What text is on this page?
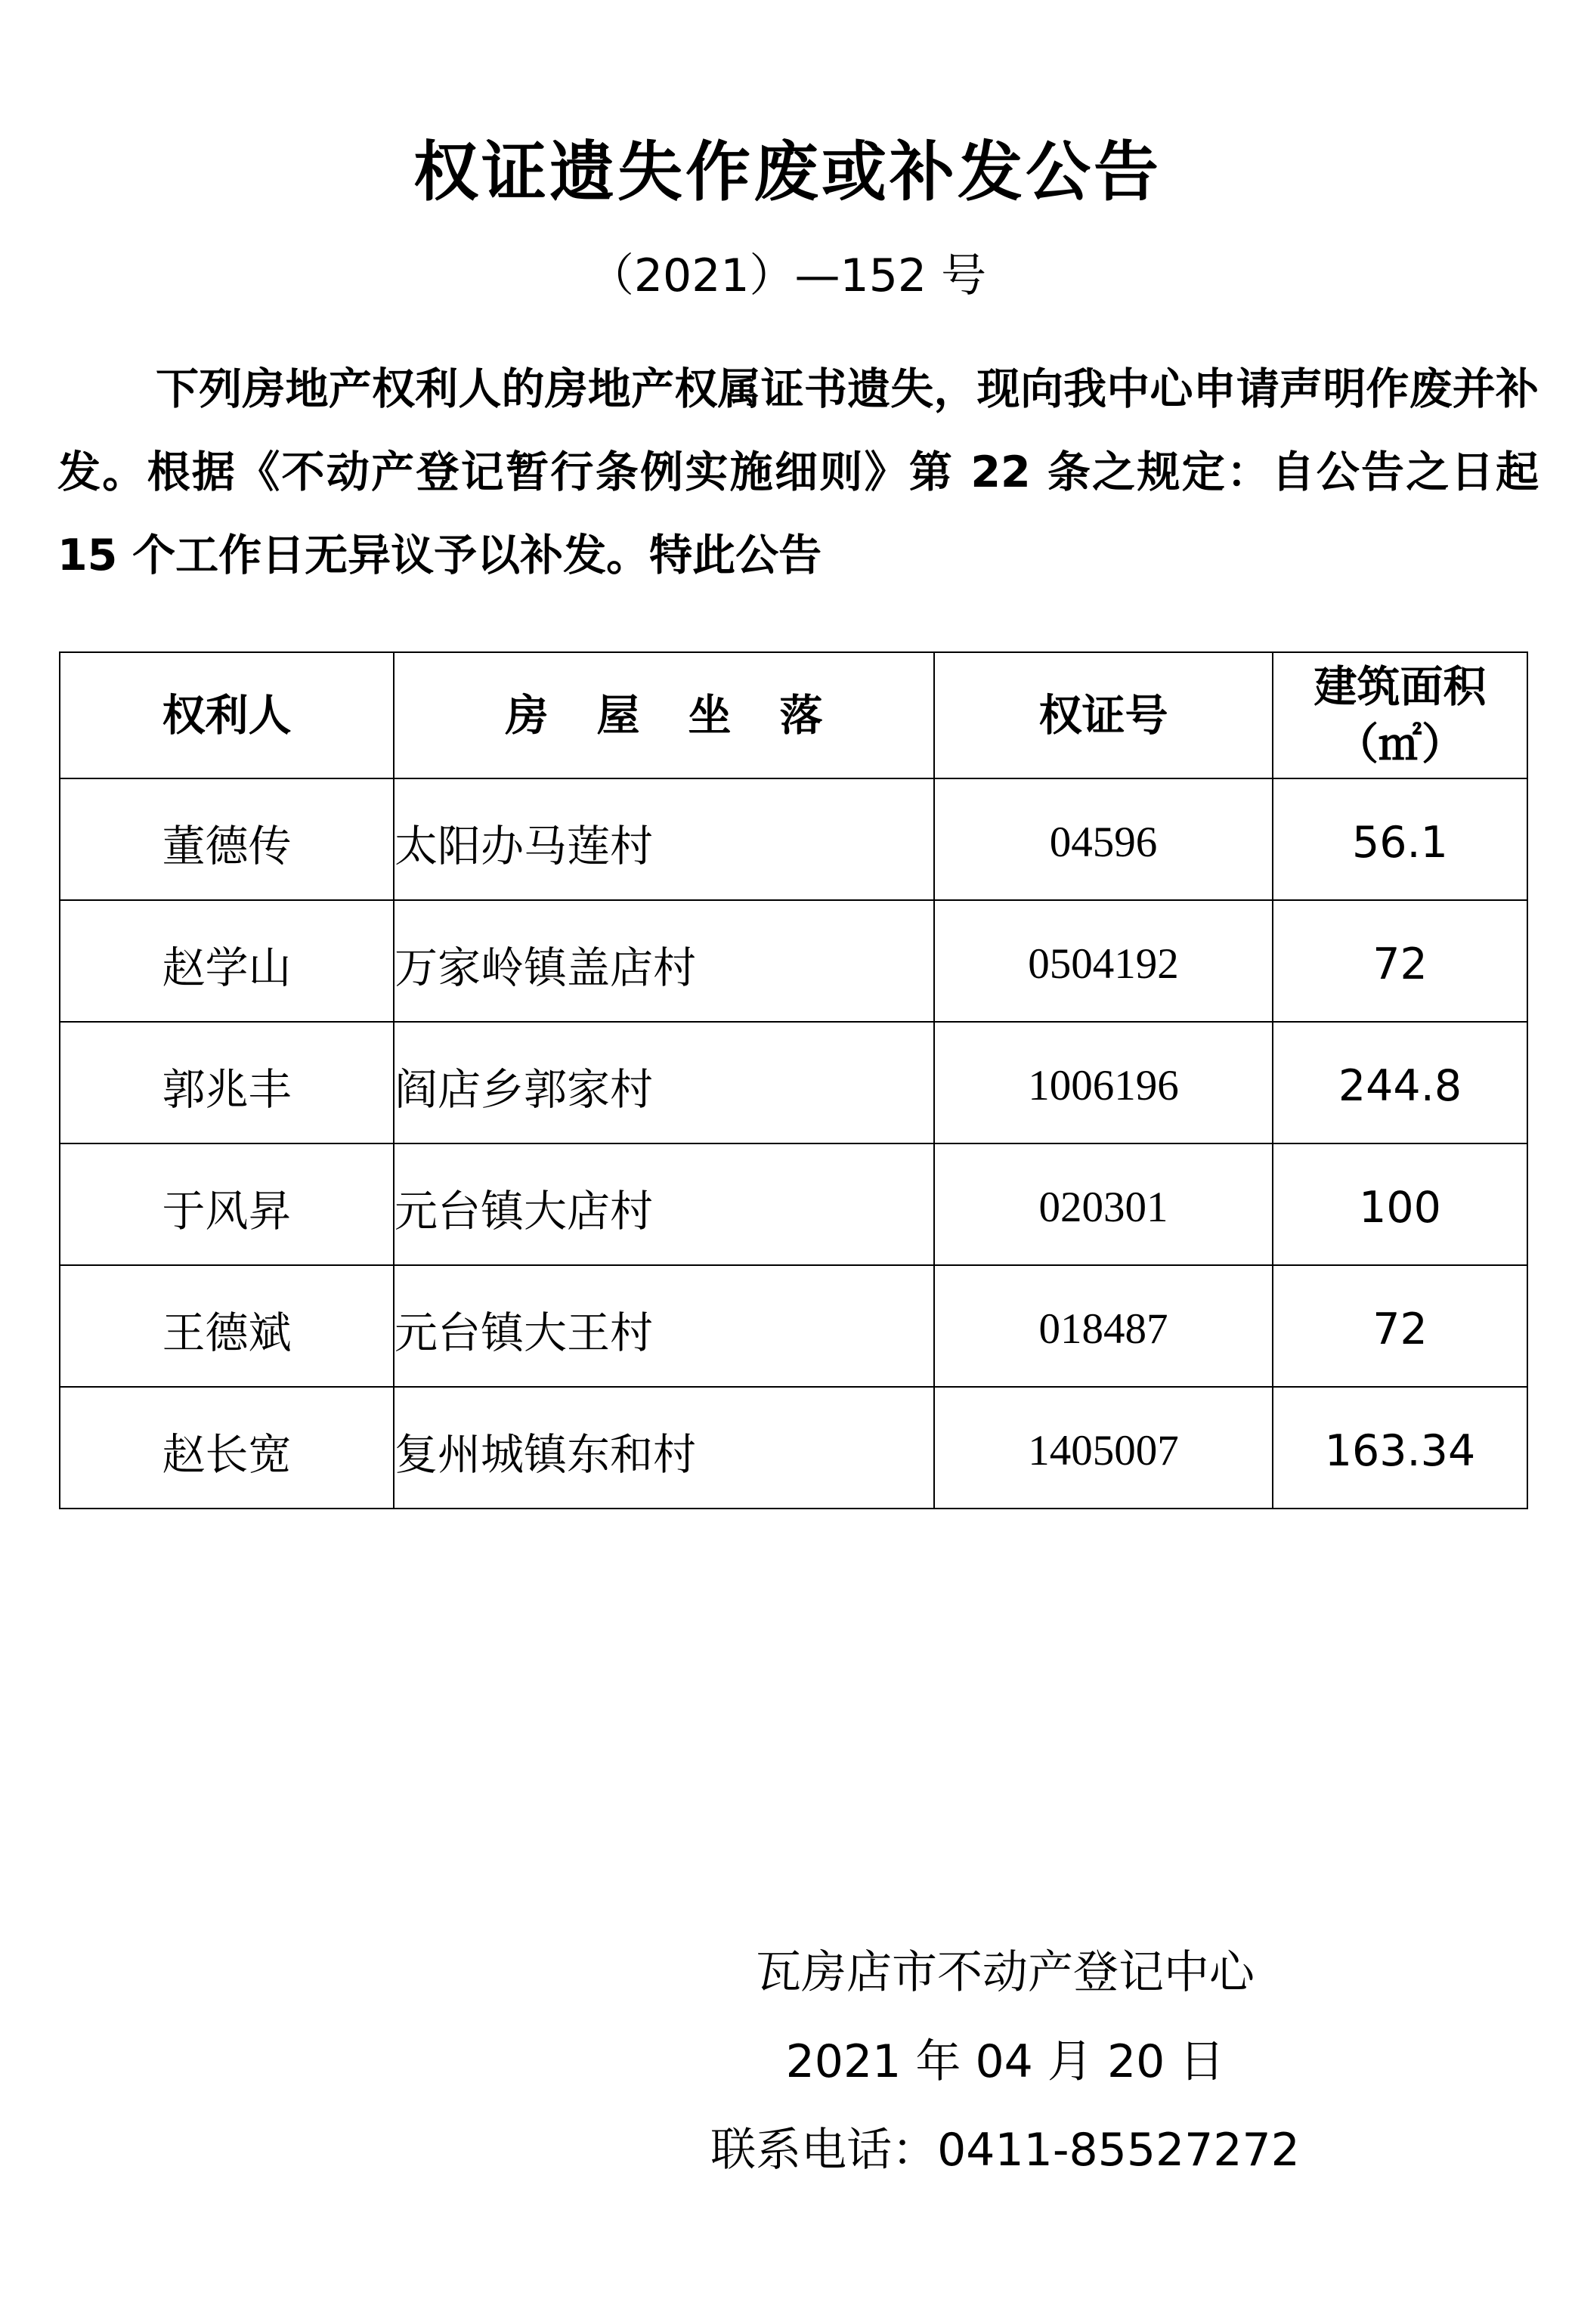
权证遗失作废或补发公告
（2021）—152 号
下列房地产权利人的房地产权属证书遗失，现向我中心申请声明作废并补发。根据《不动产登记暂行条例实施细则》第 22 条之规定：自公告之日起 15 个工作日无异议予以补发。特此公告
权利人	房屋坐落	权证号	建筑面积
（㎡）

董德传	太阳办马莲村	04596	56.1
赵学山	万家岭镇盖店村	0504192	72
郭兆丰	阎店乡郭家村	1006196	244.8
于风昇	元台镇大店村	020301	100
王德斌	元台镇大王村	018487	72
赵长宽	复州城镇东和村	1405007	163.34
瓦房店市不动产登记中心
2021 年 04 月 20 日
联系电话：0411-85527272
